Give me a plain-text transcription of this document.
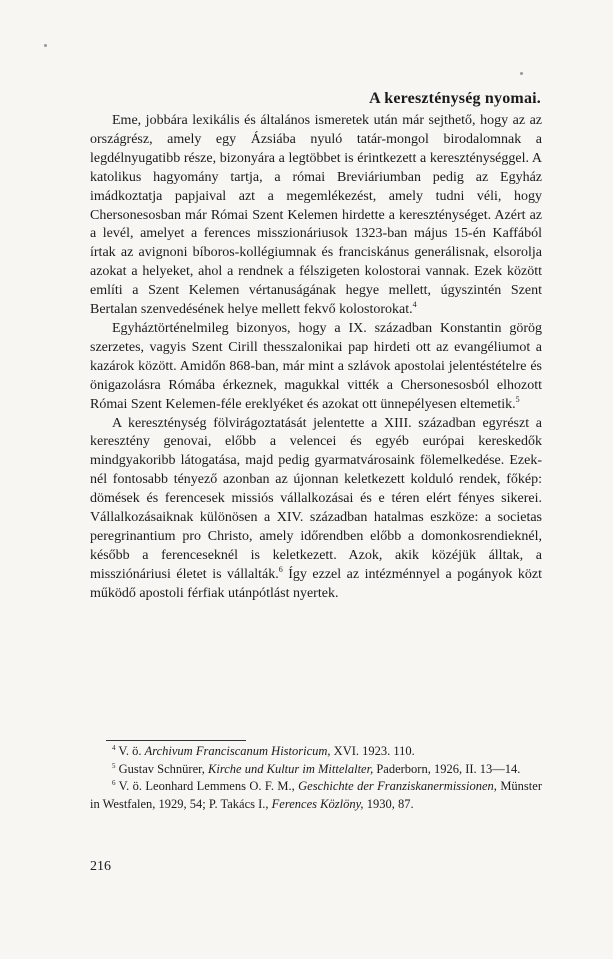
A kereszténység nyomai.

Eme, jobbára lexikális és általános ismeretek után már sejthető, hogy az az országrész, amely egy Ázsiába nyuló tatár-mongol birodalomnak a legdélnyugatibb része, bizonyára a legtöbbet is érintkezett a kereszténységgel. A katolikus hagyomány tartja, a római Breviáriumban pedig az Egyház imádkoztatja papjaival azt a megemlékezést, amely tudni véli, hogy Chersonesosban már Római Szent Kelemen hirdette a kereszténységet. Azért az a levél, amelyet a ferences misszionáriusok 1323-ban május 15-én Kaffából írtak az avignoni bíboros-kollégiumnak és franciskánus generálisnak, elsorolja azokat a helyeket, ahol a rendnek a félszigeten kolostorai vannak. Ezek között említi a Szent Kelemen vértanuságának hegye mellett, úgyszintén Szent Bertalan szenvedésének helye mellett fekvő kolostorokat.$^4$

Egyháztörténelmileg bizonyos, hogy a IX. században Konstantin görög szerzetes, vagyis Szent Cirill thesszalonikai pap hirdeti ott az evangéliumot a kazárok között. Amidőn 868-ban, már mint a szlávok apostolai jelentéstételre és önigazolásra Rómába érkeznek, magukkal vitték a Chersonesosból elhozott Római Szent Kelemen-féle ereklyéket és azokat ott ünnepélyesen eltemetik.$^5$

A kereszténység fölvirágoztatását jelentette a XIII. században egyrészt a keresztény genovai, előbb a velencei és egyéb európai kereskedők mindgyakoribb látogatása, majd pedig gyarmatvárosaink fölemelkedése. Ezeknél fontosabb tényező azonban az újonnan keletkezett kolduló rendek, főkép: dömések és ferencesek missiós vállalkozásai és e téren elért fényes sikerei. Vállalkozásaiknak különösen a XIV. században hatalmas eszköze: a societas peregrinantium pro Christo, amely időrendben előbb a domonkosrendieknél, később a ferenceseknél is keletkezett. Azok, akik közéjük álltak, a missziónáriusi életet is vállalták.$^6$ Így ezzel az intézménnyel a pogányok közt működő apostoli férfiak utánpótlást nyertek.

$^4$ V. ö. Archivum Franciscanum Historicum, XVI. 1923. 110.

$^5$ Gustav Schnürer, Kirche und Kultur im Mittelalter, Paderborn, 1926, II. 13—14.

$^6$ V. ö. Leonhard Lemmens O. F. M., Geschichte der Franziskanermissionen, Münster in Westfalen, 1929, 54; P. Takács I., Ferences Közlöny, 1930, 87.

216
